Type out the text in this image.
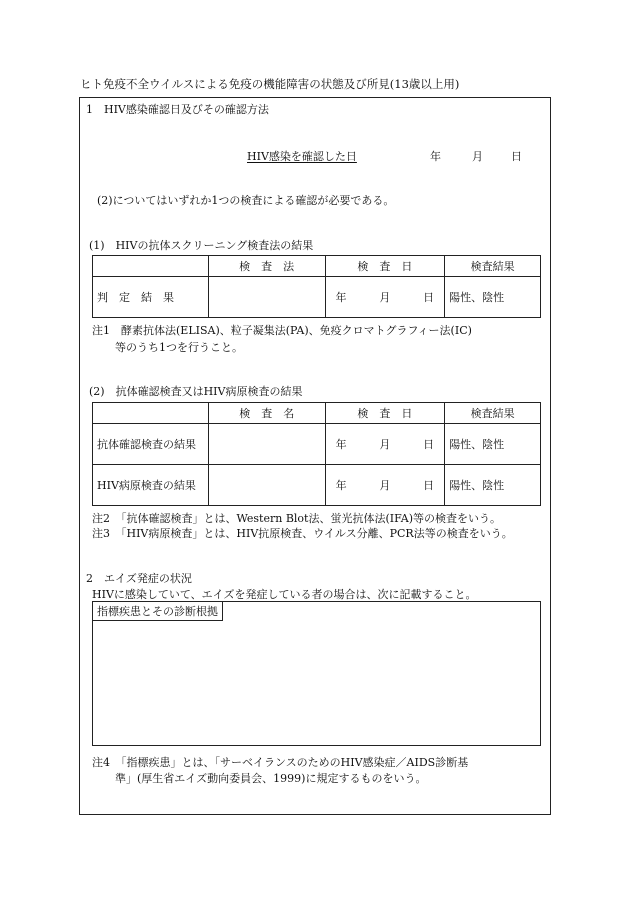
ヒト免疫不全ウイルスによる免疫の機能障害の状態及び所見(13歳以上用)
1　HIV感染確認日及びその確認方法
HIV感染を確認した日	年	月	日
(2)についてはいずれか1つの検査による確認が必要である。
(1)　HIVの抗体スクリーニング検査法の結果
	検　査　法	検　査　日	検査結果
判　定　結　果		年 月 日	陽性、陰性
注1　酵素抗体法(ELISA)、粒子凝集法(PA)、免疫クロマトグラフィー法(IC)
等のうち1つを行うこと。
(2)　抗体確認検査又はHIV病原検査の結果
	検　査　名	検　査　日	検査結果
抗体確認検査の結果		年 月 日	陽性、陰性
HIV病原検査の結果		年 月 日	陽性、陰性
注2　「抗体確認検査」とは、Western Blot法、蛍光抗体法(IFA)等の検査をいう。
注3　「HIV病原検査」とは、HIV抗原検査、ウイルス分離、PCR法等の検査をいう。
2　エイズ発症の状況
HIVに感染していて、エイズを発症している者の場合は、次に記載すること。
指標疾患とその診断根拠
注4　「指標疾患」とは、「サーベイランスのためのHIV感染症／AIDS診断基
準」(厚生省エイズ動向委員会、1999)に規定するものをいう。
